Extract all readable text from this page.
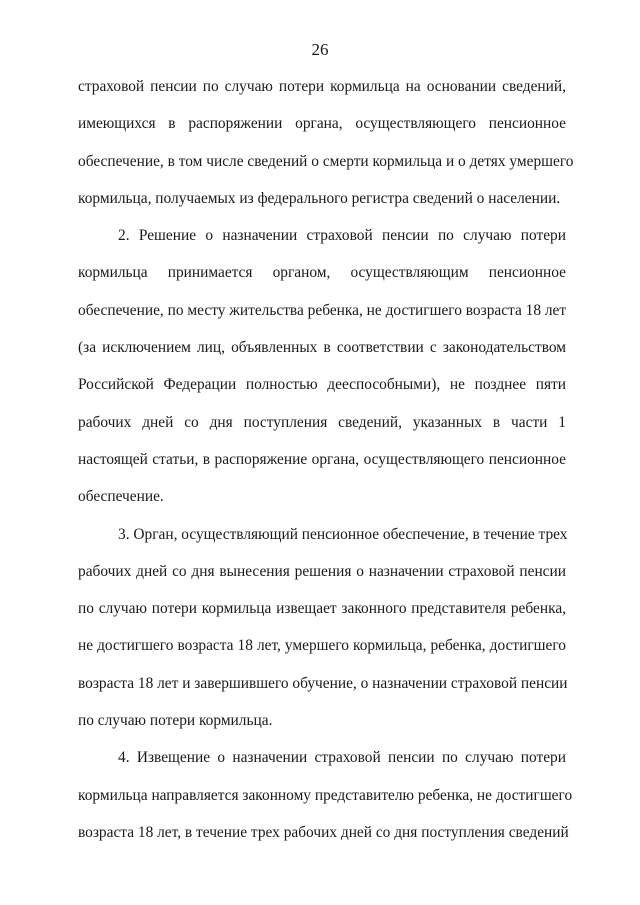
26
страховой пенсии по случаю потери кормильца на основании сведений,
имеющихся в распоряжении органа, осуществляющего пенсионное
обеспечение, в том числе сведений о смерти кормильца и о детях умершего
кормильца, получаемых из федерального регистра сведений о населении.
2. Решение о назначении страховой пенсии по случаю потери
кормильца принимается органом, осуществляющим пенсионное
обеспечение, по месту жительства ребенка, не достигшего возраста 18 лет
(за исключением лиц, объявленных в соответствии с законодательством
Российской Федерации полностью дееспособными), не позднее пяти
рабочих дней со дня поступления сведений, указанных в части 1
настоящей статьи, в распоряжение органа, осуществляющего пенсионное
обеспечение.
3. Орган, осуществляющий пенсионное обеспечение, в течение трех
рабочих дней со дня вынесения решения о назначении страховой пенсии
по случаю потери кормильца извещает законного представителя ребенка,
не достигшего возраста 18 лет, умершего кормильца, ребенка, достигшего
возраста 18 лет и завершившего обучение, о назначении страховой пенсии
по случаю потери кормильца.
4. Извещение о назначении страховой пенсии по случаю потери
кормильца направляется законному представителю ребенка, не достигшего
возраста 18 лет, в течение трех рабочих дней со дня поступления сведений
